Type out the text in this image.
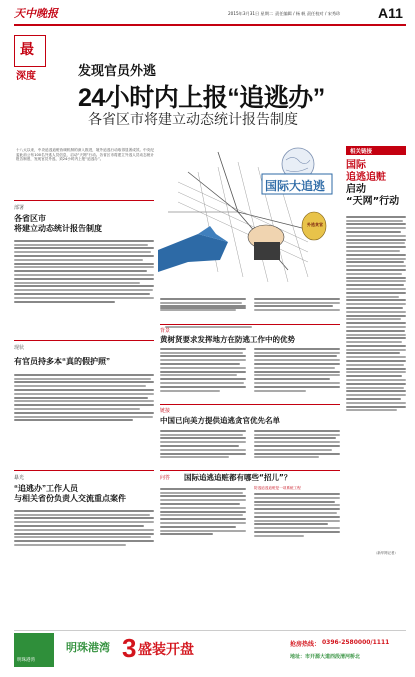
天中晚报	2015年3月31日 星期二 责任编辑 / 杨 帆 责任校对 / 宋秀珍	A11
最
深度	发现官员外逃
24小时内上报“追逃办”
各省区市将建立动态统计报告制度
十八大以来，中央追逃追赃协调机制的深入推进，境外追逃行动取得显著成效。中央纪委此前公布100名外逃人员信息，启动“天网”行动。各省区市将建立外逃人员动态统计报告制度，发现官员外逃，须24小时内上报“追逃办”。
国际大追逃
外逃贪官
部署
各省区市
将建立动态统计报告制度
现状
有官员持多本“真的假护照”
暴光
“追逃办”工作人员
与相关省份负责人交流重点案件

背景
黄树贤要求发挥地方在防逃工作中的优势
链接
中国已向美方提供追逃贪官优先名单
问答 国际追逃追赃都有哪些“招儿”？
防逃追逃追赃是一项系统工程
相关链接
国际
追逃追赃
启动
“天网”行动
（新华网记者）
明珠港湾
明珠港湾 3 盛装开盘	抢房热线： 0396-2580000/1111
地址：市开源大道西段清河桥北
